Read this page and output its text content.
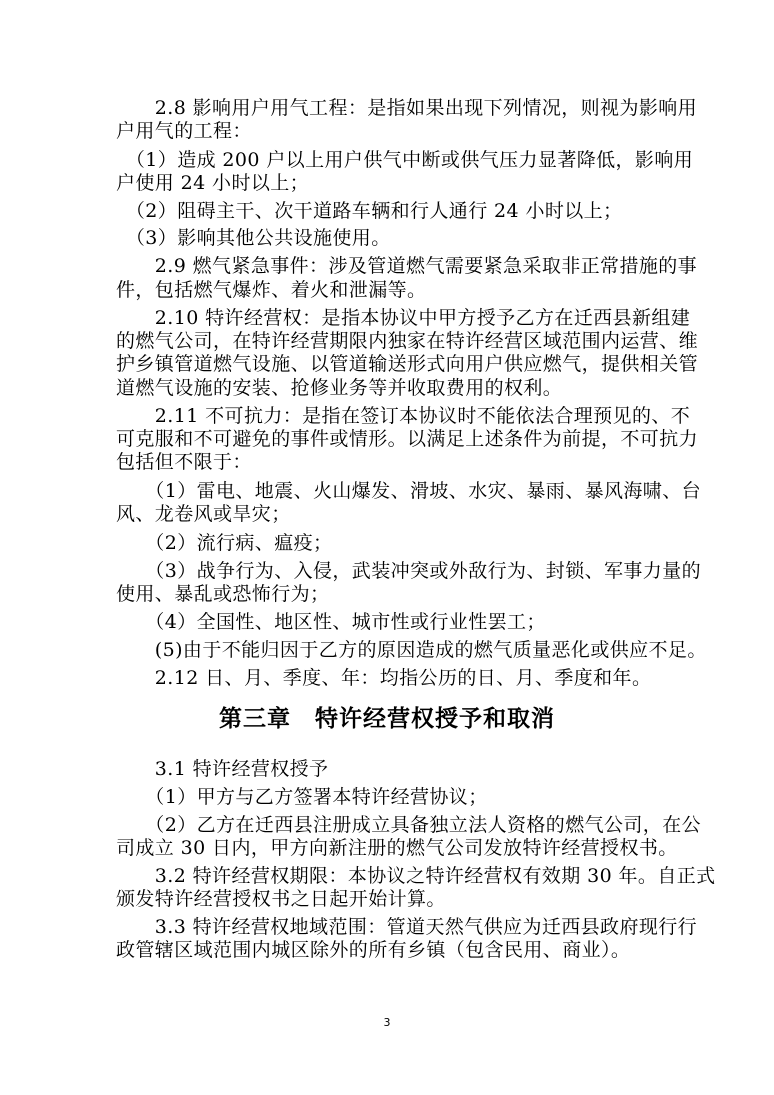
　　2.8 影响用户用气工程：是指如果出现下列情况，则视为影响用
户用气的工程：
　（1）造成 200 户以上用户供气中断或供气压力显著降低，影响用
户使用 24 小时以上；
　（2）阻碍主干、次干道路车辆和行人通行 24 小时以上；
　（3）影响其他公共设施使用。
　　2.9 燃气紧急事件：涉及管道燃气需要紧急采取非正常措施的事
件，包括燃气爆炸、着火和泄漏等。
　　2.10 特许经营权：是指本协议中甲方授予乙方在迁西县新组建
的燃气公司，在特许经营期限内独家在特许经营区域范围内运营、维
护乡镇管道燃气设施、以管道输送形式向用户供应燃气，提供相关管
道燃气设施的安装、抢修业务等并收取费用的权利。
　　2.11 不可抗力：是指在签订本协议时不能依法合理预见的、不
可克服和不可避免的事件或情形。以满足上述条件为前提，不可抗力
包括但不限于：
　　（1）雷电、地震、火山爆发、滑坡、水灾、暴雨、暴风海啸、台
风、龙卷风或旱灾；
　　（2）流行病、瘟疫；
　　（3）战争行为、入侵，武装冲突或外敌行为、封锁、军事力量的
使用、暴乱或恐怖行为；
　　（4）全国性、地区性、城市性或行业性罢工；
　　(5)由于不能归因于乙方的原因造成的燃气质量恶化或供应不足。
　　2.12 日、月、季度、年：均指公历的日、月、季度和年。
第三章　特许经营权授予和取消
　　3.1 特许经营权授予
　　（1）甲方与乙方签署本特许经营协议；
　　（2）乙方在迁西县注册成立具备独立法人资格的燃气公司，在公
司成立 30 日内，甲方向新注册的燃气公司发放特许经营授权书。
　　3.2 特许经营权期限：本协议之特许经营权有效期 30 年。自正式
颁发特许经营授权书之日起开始计算。
　　3.3 特许经营权地域范围：管道天然气供应为迁西县政府现行行
政管辖区域范围内城区除外的所有乡镇（包含民用、商业）。
3
